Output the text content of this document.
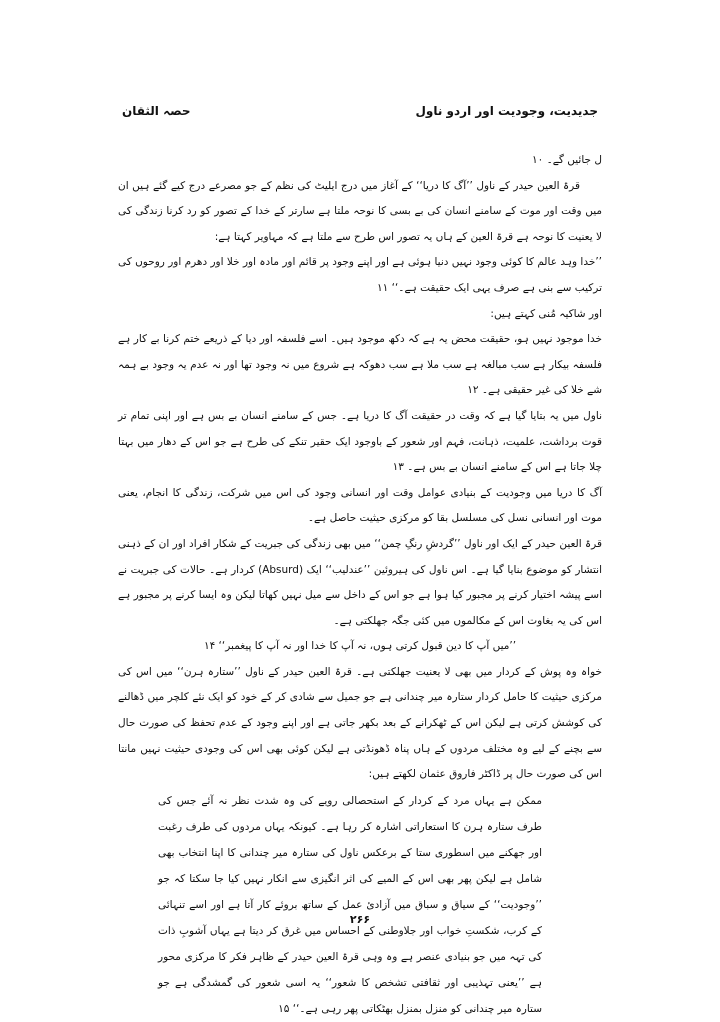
جدیدیت، وجودیت اور اردو ناول
حصہ الثقان

ل جائیں گے۔ ۱۰

قرۃ العین حیدر کے ناول ’’آگ کا دریا‘‘ کے آغاز میں درج ایلیٹ کی نظم کے جو مصرعے درج کیے گئے ہیں ان میں وقت اور موت کے سامنے انسان کی بے بسی کا نوحہ ملتا ہے سارتر کے خدا کے تصور کو رد کرنا زندگی کی لا یعنیت کا نوحہ ہے قرۃ العین کے ہاں یہ تصور اس طرح سے ملتا ہے کہ مہاویر کہتا ہے:

’’خدا وہد عالم کا کوئی وجود نہیں دنیا ہوئی ہے اور اپنے وجود پر قائم اور مادہ اور خلا اور دھرم اور روحوں کی ترکیب سے بنی ہے صرف یہی ایک حقیقت ہے۔‘‘ ۱۱

اور شاکیہ مُنی کہتے ہیں:

خدا موجود نہیں ہو، حقیقت محض یہ ہے کہ دکھ موجود ہیں۔ اسے فلسفہ اور دیا کے ذریعے ختم کرنا بے کار ہے فلسفہ بیکار ہے سب مبالغہ ہے سب ملا ہے سب دھوکہ ہے شروع میں نہ وجود تھا اور نہ عدم یہ وجود بے ہمہ شے خلا کی غیر حقیقی ہے۔ ۱۲

ناول میں یہ بتایا گیا ہے کہ وقت در حقیقت آگ کا دریا ہے۔ جس کے سامنے انسان بے بس ہے اور اپنی تمام تر قوت برداشت، علمیت، ذہانت، فہم اور شعور کے باوجود ایک حقیر تنکے کی طرح ہے جو اس کے دھار میں بہتا چلا جاتا ہے اس کے سامنے انسان بے بس ہے۔ ۱۳

آگ کا دریا میں وجودیت کے بنیادی عوامل وقت اور انسانی وجود کی اس میں شرکت، زندگی کا انجام، یعنی موت اور انسانی نسل کی مسلسل بقا کو مرکزی حیثیت حاصل ہے۔

قرۃ العین حیدر کے ایک اور ناول ’’گردشِ رنگِ چمن‘‘ میں بھی زندگی کی جبریت کے شکار افراد اور ان کے ذہنی انتشار کو موضوع بنایا گیا ہے۔ اس ناول کی ہیروئین ’’عندلیب‘‘ ایک (Absurd) کردار ہے۔ حالات کی جبریت نے اسے پیشہ اختیار کرنے پر مجبور کیا ہوا ہے جو اس کے داخل سے میل نہیں کھاتا لیکن وہ ایسا کرنے پر مجبور ہے اس کی یہ بغاوت اس کے مکالموں میں کئی جگہ جھلکتی ہے۔

’’میں آپ کا دین قبول کرتی ہوں، نہ آپ کا خدا اور نہ آپ کا پیغمبر‘‘ ۱۴

خواہ وہ پوش کے کردار میں بھی لا یعنیت جھلکتی ہے۔ قرۃ العین حیدر کے ناول ’’ستارہ ہرن‘‘ میں اس کی مرکزی حیثیت کا حامل کردار ستارہ میر چندانی ہے جو جمیل سے شادی کر کے خود کو ایک نئے کلچر میں ڈھالنے کی کوشش کرتی ہے لیکن اس کے ٹھکرانے کے بعد بکھر جاتی ہے اور اپنے وجود کے عدم تحفظ کی صورت حال سے بچنے کے لیے وہ مختلف مردوں کے ہاں پناہ ڈھونڈتی ہے لیکن کوئی بھی اس کی وجودی حیثیت نہیں مانتا اس کی صورت حال پر ڈاکٹر فاروق عثمان لکھتے ہیں:

ممکن ہے یہاں مرد کے کردار کے استحصالی رویے کی وہ شدت نظر نہ آئے جس کی طرف ستارہ ہرن کا استعاراتی اشارہ کر رہا ہے۔ کیونکہ یہاں مردوں کی طرف رغبت اور جھکنے میں اسطوری ستا کے برعکس ناول کی ستارہ میر چندانی کا اپنا انتخاب بھی شامل ہے لیکن پھر بھی اس کے المیے کی اثر انگیزی سے انکار نہیں کیا جا سکتا کہ جو ’’وجودیت‘‘ کے سیاق و سباق میں آزادیٔ عمل کے ساتھ بروئے کار آتا ہے اور اسے تنہائی کے کرب، شکستِ خواب اور جلاوطنی کے احساس میں غرق کر دیتا ہے یہاں آشوبِ ذات کی تہہ میں جو بنیادی عنصر ہے وہ وہی قرۃ العین حیدر کے ظاہر فکر کا مرکزی محور ہے ’’یعنی تہذیبی اور ثقافتی تشخص کا شعور‘‘ یہ اسی شعور کی گمشدگی ہے جو ستارہ میر چندانی کو منزل بمنزل بھٹکاتی پھر رہی ہے۔‘‘ ۱۵

۲۶۶
